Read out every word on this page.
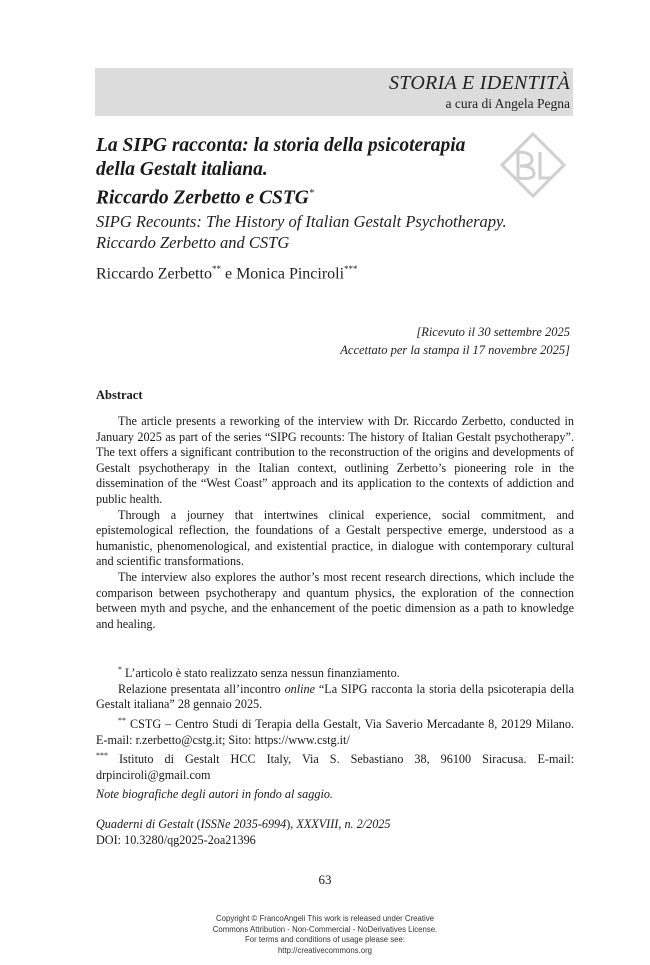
STORIA E IDENTITÀ
a cura di Angela Pegna

La SIPG racconta: la storia della psicoterapia

della Gestalt italiana.

Riccardo Zerbetto e CSTG*

SIPG Recounts: The History of Italian Gestalt Psychotherapy.

Riccardo Zerbetto and CSTG

Riccardo Zerbetto** e Monica Pinciroli***
[Ricevuto il 30 settembre 2025
Accettato per la stampa il 17 novembre 2025]
Abstract

The article presents a reworking of the interview with Dr. Riccardo Zerbetto, conducted in January 2025 as part of the series “SIPG recounts: The history of Italian Gestalt psychotherapy”. The text offers a significant contribution to the reconstruction of the origins and developments of Gestalt psychotherapy in the Italian context, outlining Zerbetto’s pioneering role in the dissemination of the “West Coast” approach and its application to the contexts of addiction and public health.

Through a journey that intertwines clinical experience, social commitment, and epistemological reflection, the foundations of a Gestalt perspective emerge, understood as a humanistic, phenomenological, and existential practice, in dialogue with contemporary cultural and scientific transformations.

The interview also explores the author’s most recent research directions, which include the comparison between psychotherapy and quantum physics, the exploration of the connection between myth and psyche, and the enhancement of the poetic dimension as a path to knowledge and healing.

* L’articolo è stato realizzato senza nessun finanziamento.

Relazione presentata all’incontro online “La SIPG racconta la storia della psicoterapia della Gestalt italiana” 28 gennaio 2025.

** CSTG – Centro Studi di Terapia della Gestalt, Via Saverio Mercadante 8, 20129 Milano. E-mail: r.zerbetto@cstg.it; Sito: https://www.cstg.it/

*** Istituto di Gestalt HCC Italy, Via S. Sebastiano 38, 96100 Siracusa. E-mail: drpinciroli@gmail.com

Note biografiche degli autori in fondo al saggio.
Quaderni di Gestalt (ISSNe 2035-6994), XXXVIII, n. 2/2025
DOI: 10.3280/qg2025-2oa21396
63
Copyright © FrancoAngeli This work is released under Creative
Commons Attribution - Non-Commercial - NoDerivatives License.
For terms and conditions of usage please see:
http://creativecommons.org
